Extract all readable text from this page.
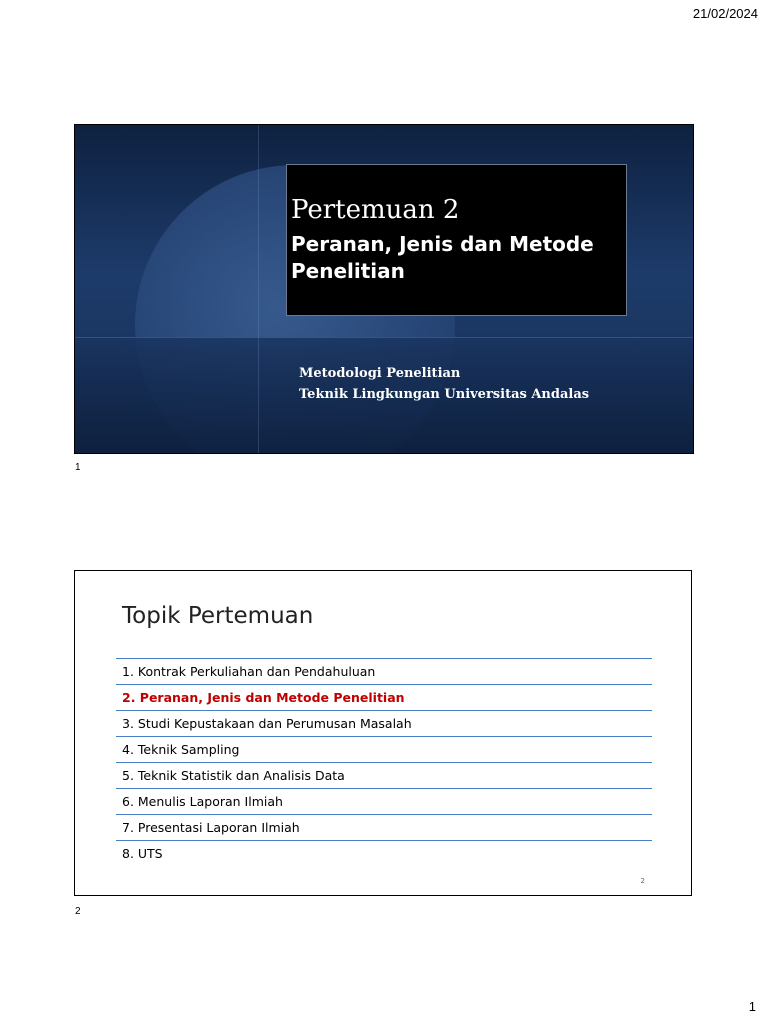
21/02/2024
Pertemuan 2
Peranan, Jenis dan Metode Penelitian
Metodologi Penelitian
Teknik Lingkungan Universitas Andalas
1
Topik Pertemuan
1. Kontrak Perkuliahan dan Pendahuluan
2. Peranan, Jenis dan Metode Penelitian
3. Studi Kepustakaan dan Perumusan Masalah
4. Teknik Sampling
5. Teknik Statistik dan Analisis Data
6. Menulis Laporan Ilmiah
7. Presentasi Laporan Ilmiah
8. UTS
2
2
1
